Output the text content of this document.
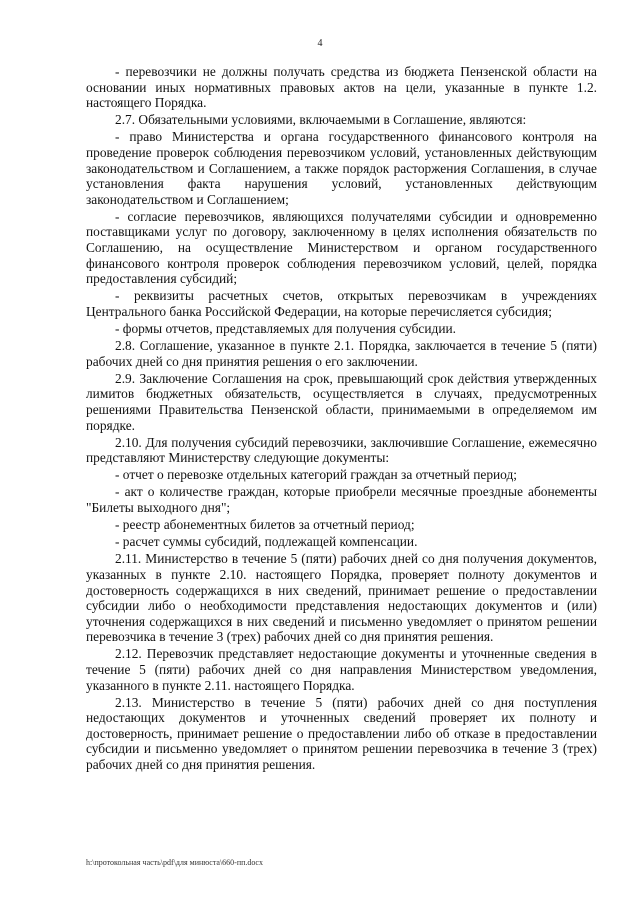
4

- перевозчики не должны получать средства из бюджета Пензенской области на основании иных нормативных правовых актов на цели, указанные в пункте 1.2. настоящего Порядка.

2.7. Обязательными условиями, включаемыми в Соглашение, являются:

- право Министерства и органа государственного финансового контроля на проведение проверок соблюдения перевозчиком условий, установленных действующим законодательством и Соглашением, а также порядок расторжения Соглашения, в случае установления факта нарушения условий, установленных действующим законодательством и Соглашением;

- согласие перевозчиков, являющихся получателями субсидии и одновременно поставщиками услуг по договору, заключенному в целях исполнения обязательств по Соглашению, на осуществление Министерством и органом государственного финансового контроля проверок соблюдения перевозчиком условий, целей, порядка предоставления субсидий;

- реквизиты расчетных счетов, открытых перевозчикам в учреждениях Центрального банка Российской Федерации, на которые перечисляется субсидия;

- формы отчетов, представляемых для получения субсидии.

2.8. Соглашение, указанное в пункте 2.1. Порядка, заключается в течение 5 (пяти) рабочих дней со дня принятия решения о его заключении.

2.9. Заключение Соглашения на срок, превышающий срок действия утвержденных лимитов бюджетных обязательств, осуществляется в случаях, предусмотренных решениями Правительства Пензенской области, принимаемыми в определяемом им порядке.

2.10. Для получения субсидий перевозчики, заключившие Соглашение, ежемесячно представляют Министерству следующие документы:

- отчет о перевозке отдельных категорий граждан за отчетный период;

- акт о количестве граждан, которые приобрели месячные проездные абонементы "Билеты выходного дня";

- реестр абонементных билетов за отчетный период;

- расчет суммы субсидий, подлежащей компенсации.

2.11. Министерство в течение 5 (пяти) рабочих дней со дня получения документов, указанных в пункте 2.10. настоящего Порядка, проверяет полноту документов и достоверность содержащихся в них сведений, принимает решение о предоставлении субсидии либо о необходимости представления недостающих документов и (или) уточнения содержащихся в них сведений и письменно уведомляет о принятом решении перевозчика в течение 3 (трех) рабочих дней со дня принятия решения.

2.12. Перевозчик представляет недостающие документы и уточненные сведения в течение 5 (пяти) рабочих дней со дня направления Министерством уведомления, указанного в пункте 2.11. настоящего Порядка.

2.13. Министерство в течение 5 (пяти) рабочих дней со дня поступления недостающих документов и уточненных сведений проверяет их полноту и достоверность, принимает решение о предоставлении либо об отказе в предоставлении субсидии и письменно уведомляет о принятом решении перевозчика в течение 3 (трех) рабочих дней со дня принятия решения.

h:\протокольная часть\pdf\для минюста\660-пп.docx
